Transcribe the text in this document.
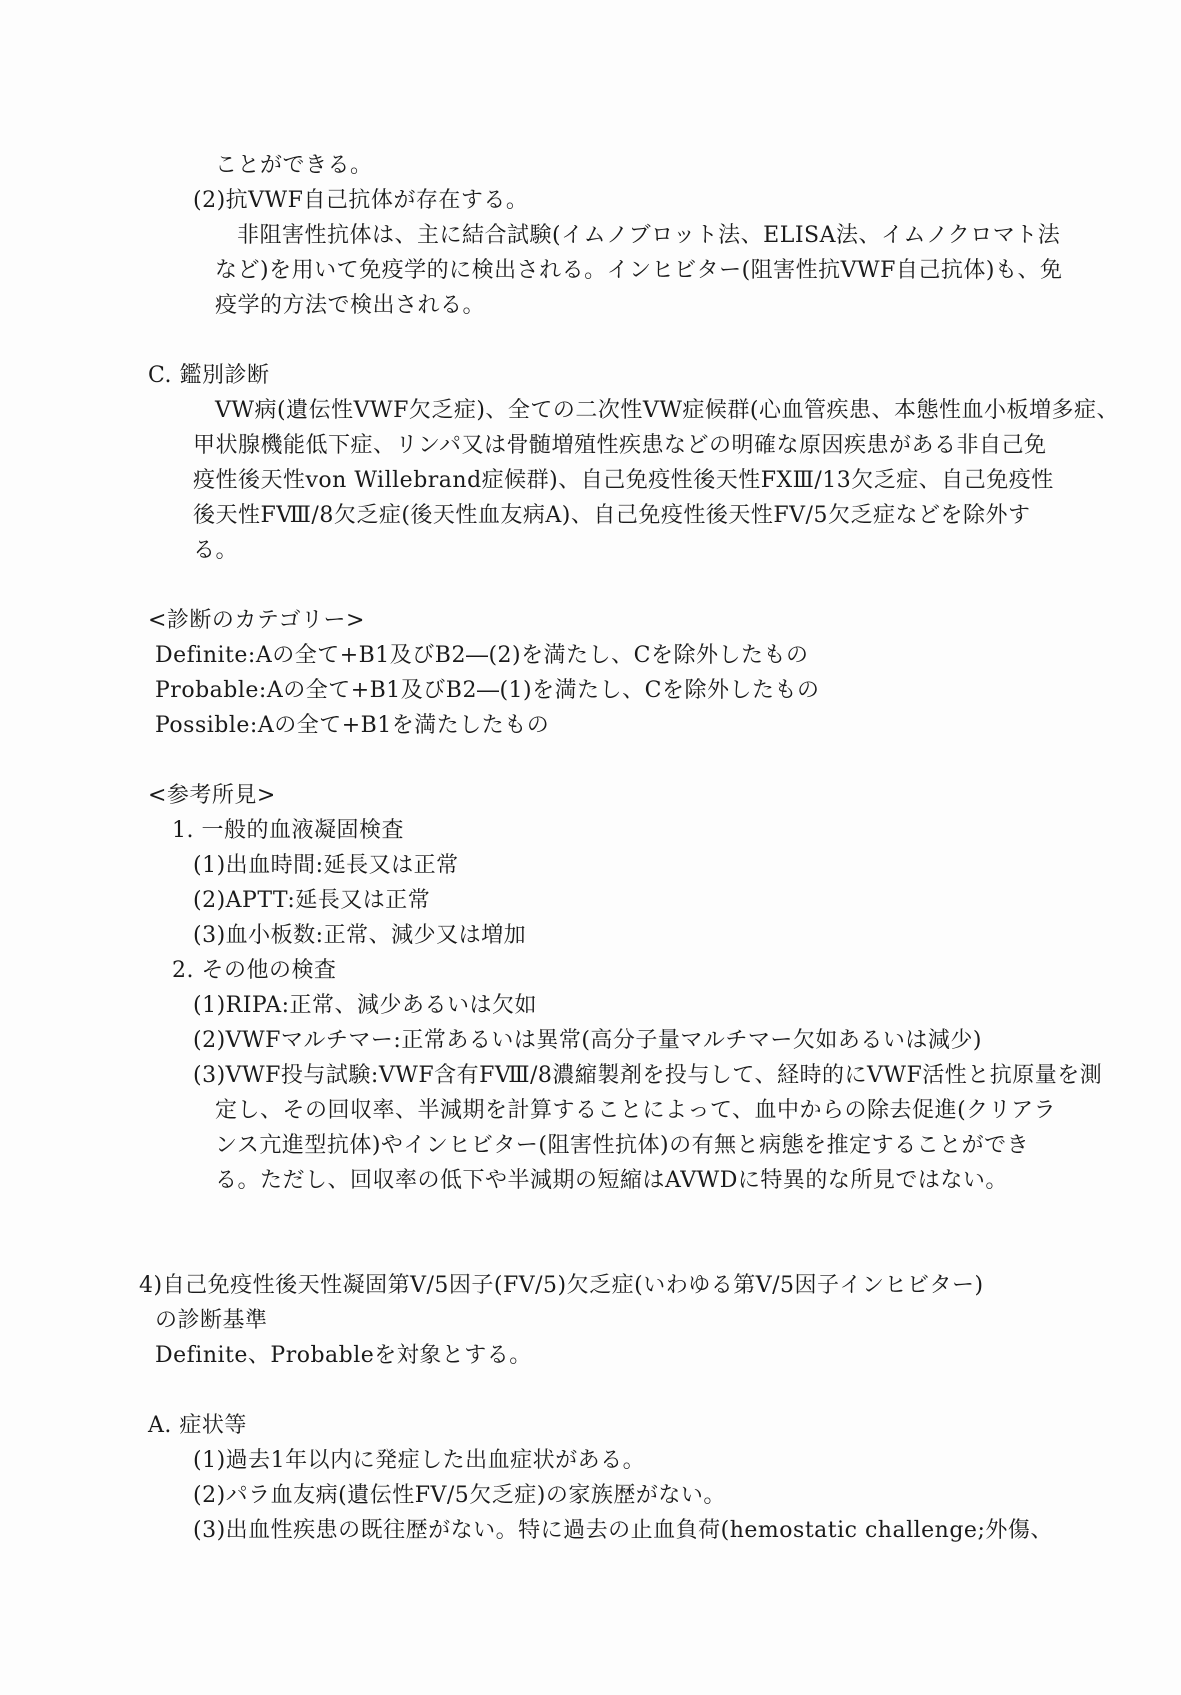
ことができる。
(2)抗VWF自己抗体が存在する。
非阻害性抗体は、主に結合試験(イムノブロット法、ELISA法、イムノクロマト法
など)を用いて免疫学的に検出される。インヒビター(阻害性抗VWF自己抗体)も、免
疫学的方法で検出される。
C. 鑑別診断
VW病(遺伝性VWF欠乏症)、全ての二次性VW症候群(心血管疾患、本態性血小板増多症、
甲状腺機能低下症、リンパ又は骨髄増殖性疾患などの明確な原因疾患がある非自己免
疫性後天性von Willebrand症候群)、自己免疫性後天性FXⅢ/13欠乏症、自己免疫性
後天性FⅧ/8欠乏症(後天性血友病A)、自己免疫性後天性FⅤ/5欠乏症などを除外す
る。
<診断のカテゴリー>
Definite:Aの全て+B1及びB2―(2)を満たし、Cを除外したもの
Probable:Aの全て+B1及びB2―(1)を満たし、Cを除外したもの
Possible:Aの全て+B1を満たしたもの
<参考所見>
1. 一般的血液凝固検査
(1)出血時間:延長又は正常
(2)APTT:延長又は正常
(3)血小板数:正常、減少又は増加
2. その他の検査
(1)RIPA:正常、減少あるいは欠如
(2)VWFマルチマー:正常あるいは異常(高分子量マルチマー欠如あるいは減少)
(3)VWF投与試験:VWF含有FⅧ/8濃縮製剤を投与して、経時的にVWF活性と抗原量を測
定し、その回収率、半減期を計算することによって、血中からの除去促進(クリアラ
ンス亢進型抗体)やインヒビター(阻害性抗体)の有無と病態を推定することができ
る。ただし、回収率の低下や半減期の短縮はAVWDに特異的な所見ではない。
4)自己免疫性後天性凝固第Ⅴ/5因子(FⅤ/5)欠乏症(いわゆる第Ⅴ/5因子インヒビター)
の診断基準
Definite、Probableを対象とする。
A. 症状等
(1)過去1年以内に発症した出血症状がある。
(2)パラ血友病(遺伝性FⅤ/5欠乏症)の家族歴がない。
(3)出血性疾患の既往歴がない。特に過去の止血負荷(hemostatic challenge;外傷、
